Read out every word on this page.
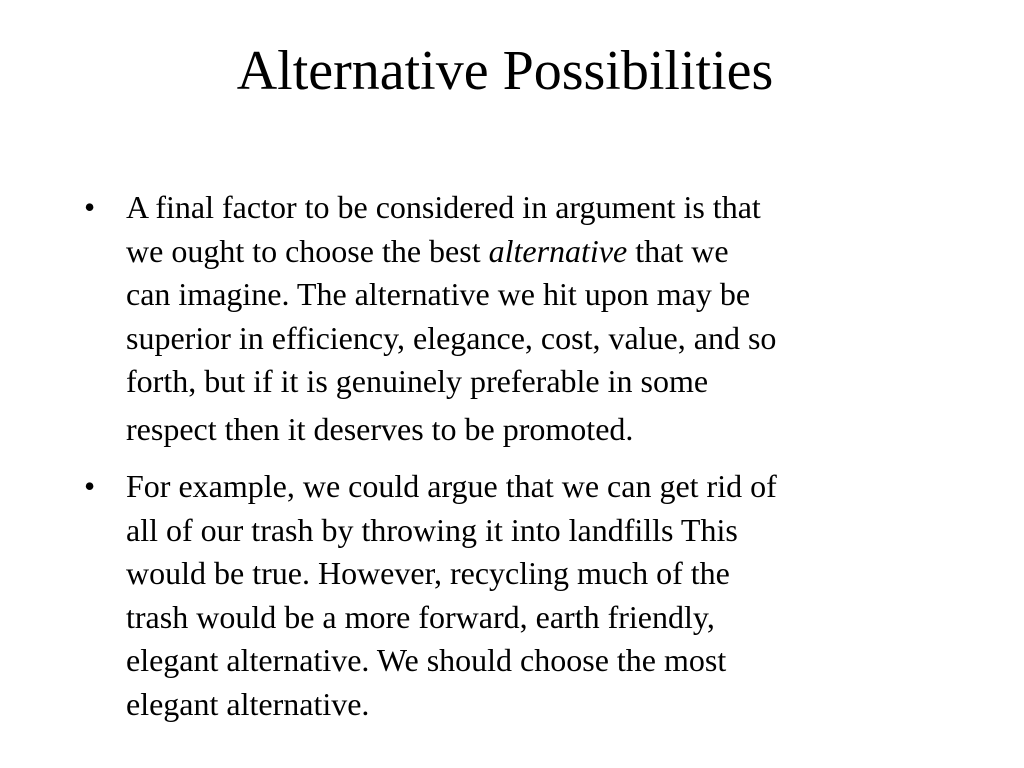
Alternative Possibilities
• A final factor to be considered in argument is that
we ought to choose the best alternative that we
can imagine. The alternative we hit upon may be
superior in efficiency, elegance, cost, value, and so
forth, but if it is genuinely preferable in some
respect then it deserves to be promoted.

• For example, we could argue that we can get rid of
all of our trash by throwing it into landfills This
would be true. However, recycling much of the
trash would be a more forward, earth friendly,
elegant alternative. We should choose the most
elegant alternative.
